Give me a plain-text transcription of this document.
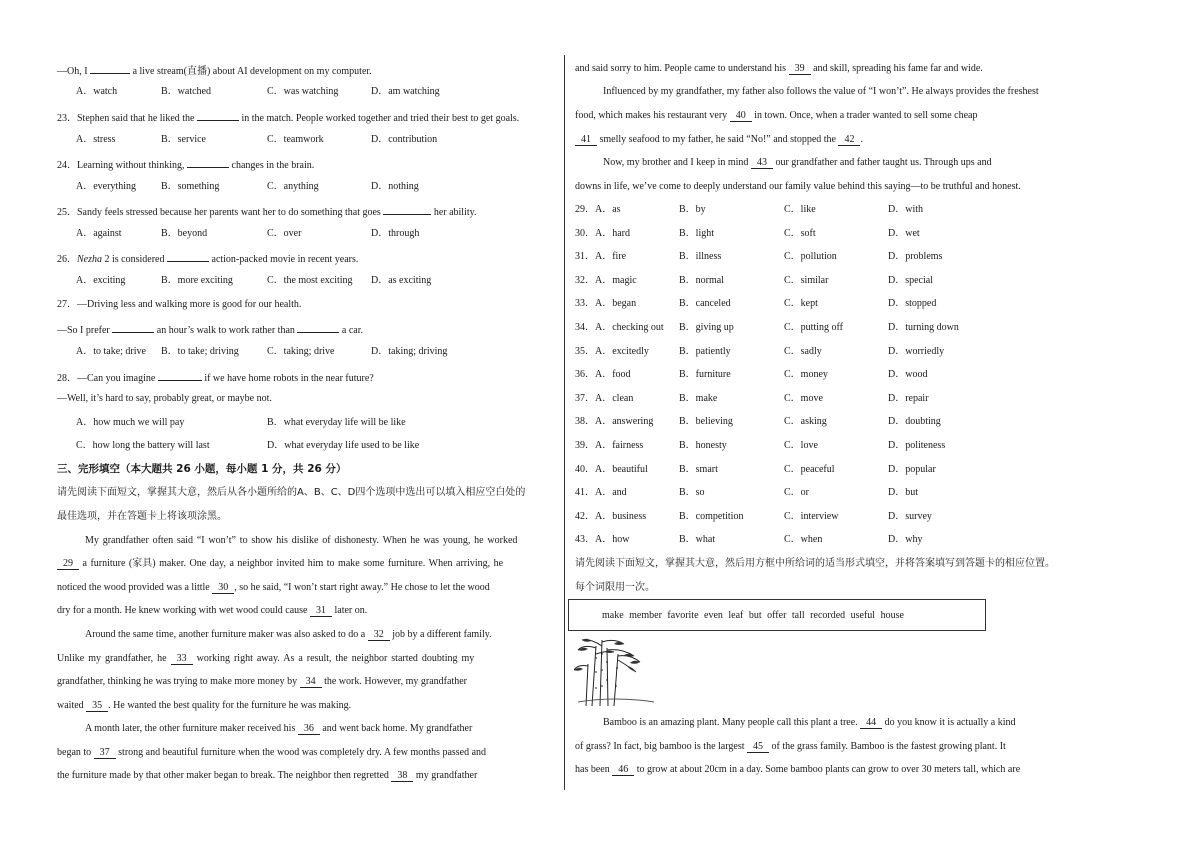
—Oh, I	a live stream(直播) about AI development on my computer.
A．watch	B．watched	C．was watching	D．am watching
23．Stephen said that he liked the	in the match. People worked together and tried their best to get goals.
A．stress	B．service	C．teamwork	D．contribution
24．Learning without thinking,	changes in the brain.
A．everything	B．something	C．anything	D．nothing
25．Sandy feels stressed because her parents want her to do something that goes	her ability.
A．against	B．beyond	C．over	D．through
26．Nezha 2 is considered	action-packed movie in recent years.
A．exciting	B．more exciting	C．the most exciting D．as exciting
27．—Driving less and walking more is good for our health.
—So I prefer	an hour’s walk to work rather than	a car.
A．to take; drive B．to take; driving	C．taking; drive	D．taking; driving
28．—Can you imagine	if we have home robots in the near future?
—Well, it’s hard to say, probably great, or maybe not.
A．how much we will pay	B．what everyday life will be like
C．how long the battery will last	D．what everyday life used to be like
三、完形填空（本大题共 26 小题，每小题 1 分，共 26 分）
请先阅读下面短文，掌握其大意，然后从各小题所给的A、B、C、D四个选项中选出可以填入相应空白处的
最佳选项，并在答题卡上将该项涂黑。
My grandfather often said “I won’t” to show his dislike of dishonesty. When he was young, he worked
29 a furniture (家具) maker. One day, a neighbor invited him to make some furniture. When arriving, he
noticed the wood provided was a little 30 , so he said, “I won’t start right away.” He chose to let the wood
dry for a month. He knew working with wet wood could cause 31 later on.
Around the same time, another furniture maker was also asked to do a 32 job by a different family.
Unlike my grandfather, he 33 working right away. As a result, the neighbor started doubting my
grandfather, thinking he was trying to make more money by 34 the work. However, my grandfather
waited 35 . He wanted the best quality for the furniture he was making.
A month later, the other furniture maker received his 36 and went back home. My grandfather
began to 37 strong and beautiful furniture when the wood was completely dry. A few months passed and
the furniture made by that other maker began to break. The neighbor then regretted 38 my grandfather
and said sorry to him. People came to understand his 39 and skill, spreading his fame far and wide.
Influenced by my grandfather, my father also follows the value of “I won’t”. He always provides the freshest
food, which makes his restaurant very 40 in town. Once, when a trader wanted to sell some cheap
41 smelly seafood to my father, he said “No!” and stopped the 42 .
Now, my brother and I keep in mind 43 our grandfather and father taught us. Through ups and
downs in life, we’ve come to deeply understand our family value behind this saying—to be truthful and honest.
29．A．as	B．by	C．like	D．with
30．A．hard	B．light	C．soft	D．wet
31．A．fire	B．illness	C．pollution	D．problems
32．A．magic	B．normal	C．similar	D．special
33．A．began	B．canceled	C．kept	D．stopped
34．A．checking out B．giving up	C．putting off	D．turning down
35．A．excitedly	B．patiently	C．sadly	D．worriedly
36．A．food	B．furniture	C．money	D．wood
37．A．clean	B．make	C．move	D．repair
38．A．answering	B．believing	C．asking	D．doubting
39．A．fairness	B．honesty	C．love	D．politeness
40．A．beautiful	B．smart	C．peaceful	D．popular
41．A．and	B．so	C．or	D．but
42．A．business	B．competition	C．interview	D．survey
43．A．how	B．what	C．when	D．why
请先阅读下面短文，掌握其大意，然后用方框中所给词的适当形式填空，并将答案填写到答题卡的相应位置。
每个词限用一次。
make member favorite even leaf but offer tall recorded useful house
Bamboo is an amazing plant. Many people call this plant a tree. 44 do you know it is actually a kind
of grass? In fact, big bamboo is the largest 45 of the grass family. Bamboo is the fastest growing plant. It
has been 46 to grow at about 20cm in a day. Some bamboo plants can grow to over 30 meters tall, which are
